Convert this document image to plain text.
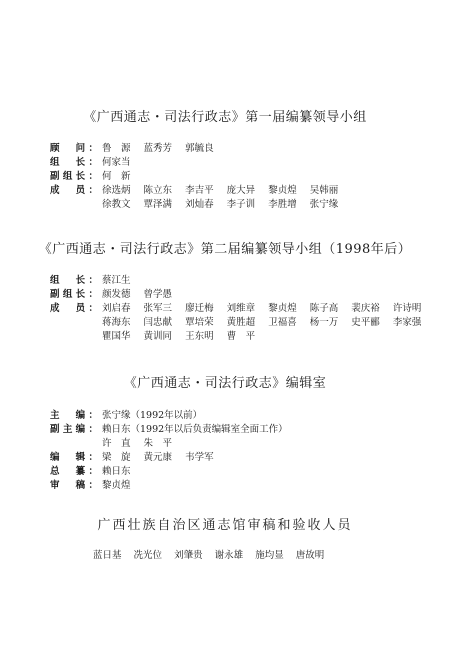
《广西通志・司法行政志》第一届编纂领导小组
顾　问： 鲁　源 蓝秀芳 郭毓良
组　长： 何家当
副组长： 何　新
成　员： 徐选炳 陈立东 李吉平 庞大异 黎贞煌 吴韩丽
徐教文 覃泽满 刘灿春 李子训 李胜增 张宁缘
《广西通志・司法行政志》第二届编纂领导小组（1998年后）
组　长： 蔡江生
副组长： 颜发德 曾学愚
成　员： 刘启春 张军三 廖迁梅 刘维章 黎贞煌 陈子高 裴庆裕 许诗明
蒋海东 闫忠献 覃培荣 黄胜超 卫福喜 杨一万 史平郦 李家强
瞿国华 黄训同 王东明 曹　平
《广西通志・司法行政志》编辑室
主　编： 张宁缘（1992年以前）
副主编： 赖日东（1992年以后负责编辑室全面工作）
许　直 朱　平
编　辑： 梁　旋 黄元康 韦学军
总　纂： 赖日东
审　稿： 黎贞煌
广西壮族自治区通志馆审稿和验收人员
蓝日基 冼光位 刘肇贵 谢永雄 施均显 唐故明
